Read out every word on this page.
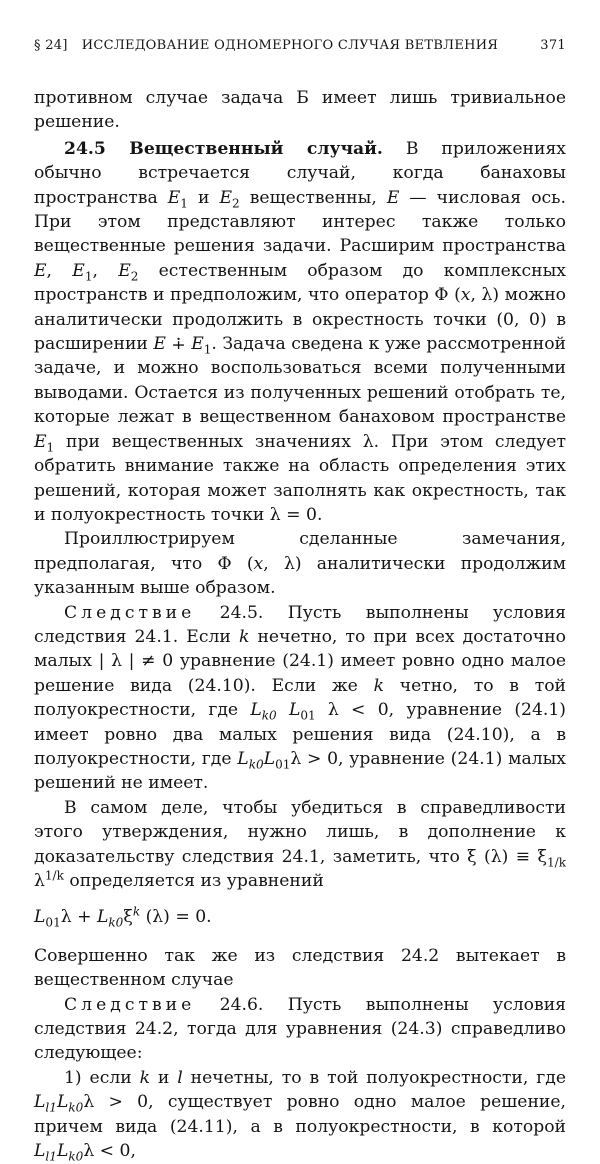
§ 24] ИССЛЕДОВАНИЕ ОДНОМЕРНОГО СЛУЧАЯ ВЕТВЛЕНИЯ	371

противном случае задача Б имеет лишь тривиальное решение.

24.5 Вещественный случай. В приложениях обычно встречается случай, когда банаховы пространства $E_1$ и $E_2$ вещественны, E — числовая ось. При этом представляют интерес также только вещественные решения задачи. Расширим пространства E, $E_1$, $E_2$ естественным образом до комплексных пространств и предположим, что оператор Φ (x, λ) можно аналитически продолжить в окрестность точки (0, 0) в расширении E ∔ $E_1$. Задача сведена к уже рассмотренной задаче, и можно воспользоваться всеми полученными выводами. Остается из полученных решений отобрать те, которые лежат в вещественном банаховом пространстве $E_1$ при вещественных значениях λ. При этом следует обратить внимание также на область определения этих решений, которая может заполнять как окрестность, так и полуокрестность точки λ = 0.

Проиллюстрируем сделанные замечания, предполагая, что Φ (x, λ) аналитически продолжим указанным выше образом.

Следствие 24.5. Пусть выполнены условия следствия 24.1. Если k нечетно, то при всех достаточно малых | λ | ≠ 0 уравнение (24.1) имеет ровно одно малое решение вида (24.10). Если же k четно, то в той полуокрестности, где $L_{k0}$ $L_{01}$ λ < 0, уравнение (24.1) имеет ровно два малых решения вида (24.10), а в полуокрестности, где $L_{k0}L_{01}\lambda > 0$, уравнение (24.1) малых решений не имеет.

В самом деле, чтобы убедиться в справедливости этого утверждения, нужно лишь, в дополнение к доказательству следствия 24.1, заметить, что ξ $(\lambda) \equiv \xi_{1/k}$ $\lambda^{1/k}$ определяется из уравнений

$L_{01}\lambda + L_{k0}\xi^k$ (λ) = 0.

Совершенно так же из следствия 24.2 вытекает в вещественном случае

Следствие 24.6. Пусть выполнены условия следствия 24.2, тогда для уравнения (24.3) справедливо следующее:

1) если k и l нечетны, то в той полуокрестности, где $L_{l1}L_{k0}\lambda > 0$, существует ровно одно малое решение, причем вида (24.11), а в полуокрестности, в которой $L_{l1}L_{k0}\lambda < 0$,
